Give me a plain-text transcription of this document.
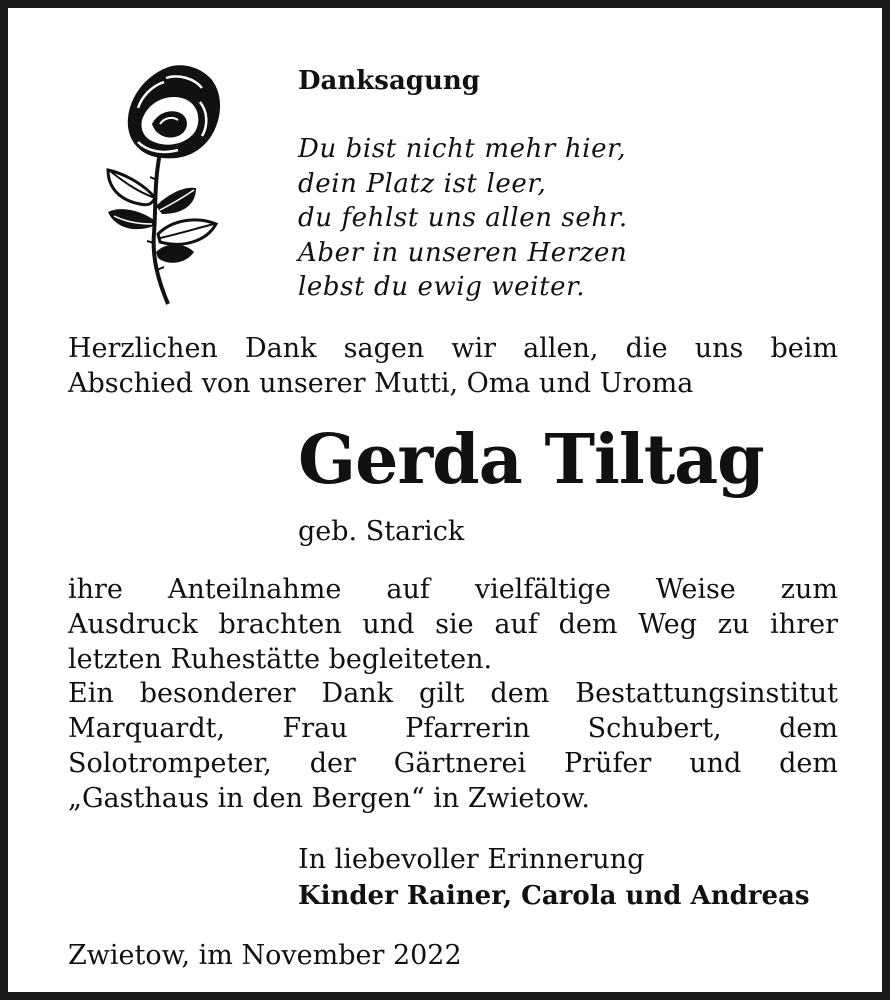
Danksagung
Du bist nicht mehr hier,
dein Platz ist leer,
du fehlst uns allen sehr.
Aber in unseren Herzen
lebst du ewig weiter.
Herzlichen Dank sagen wir allen, die uns beim
Abschied von unserer Mutti, Oma und Uroma
Gerda Tiltag
geb. Starick
ihre Anteilnahme auf vielfältige Weise zum
Ausdruck brachten und sie auf dem Weg zu ihrer
letzten Ruhestätte begleiteten.
Ein besonderer Dank gilt dem Bestattungsinstitut
Marquardt, Frau Pfarrerin Schubert, dem
Solotrompeter, der Gärtnerei Prüfer und dem
„Gasthaus in den Bergen“ in Zwietow.
In liebevoller Erinnerung
Kinder Rainer, Carola und Andreas
Zwietow, im November 2022
